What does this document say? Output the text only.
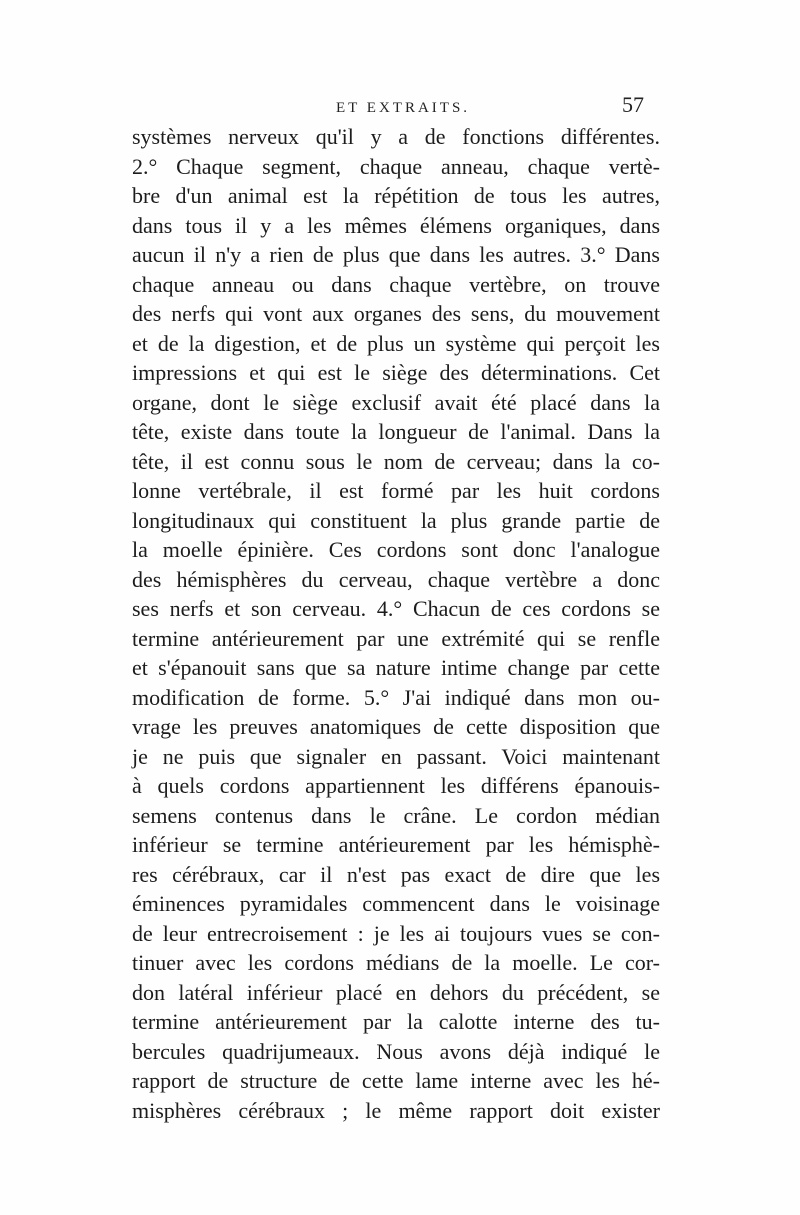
ET EXTRAITS.	57
systèmes nerveux qu'il y a de fonctions différentes.
2.° Chaque segment, chaque anneau, chaque vertè-
bre d'un animal est la répétition de tous les autres,
dans tous il y a les mêmes élémens organiques, dans
aucun il n'y a rien de plus que dans les autres. 3.° Dans
chaque anneau ou dans chaque vertèbre, on trouve
des nerfs qui vont aux organes des sens, du mouvement
et de la digestion, et de plus un système qui perçoit les
impressions et qui est le siège des déterminations. Cet
organe, dont le siège exclusif avait été placé dans la
tête, existe dans toute la longueur de l'animal. Dans la
tête, il est connu sous le nom de cerveau; dans la co-
lonne vertébrale, il est formé par les huit cordons
longitudinaux qui constituent la plus grande partie de
la moelle épinière. Ces cordons sont donc l'analogue
des hémisphères du cerveau, chaque vertèbre a donc
ses nerfs et son cerveau. 4.° Chacun de ces cordons se
termine antérieurement par une extrémité qui se renfle
et s'épanouit sans que sa nature intime change par cette
modification de forme. 5.° J'ai indiqué dans mon ou-
vrage les preuves anatomiques de cette disposition que
je ne puis que signaler en passant. Voici maintenant
à quels cordons appartiennent les différens épanouis-
semens contenus dans le crâne. Le cordon médian
inférieur se termine antérieurement par les hémisphè-
res cérébraux, car il n'est pas exact de dire que les
éminences pyramidales commencent dans le voisinage
de leur entrecroisement : je les ai toujours vues se con-
tinuer avec les cordons médians de la moelle. Le cor-
don latéral inférieur placé en dehors du précédent, se
termine antérieurement par la calotte interne des tu-
bercules quadrijumeaux. Nous avons déjà indiqué le
rapport de structure de cette lame interne avec les hé-
misphères cérébraux ; le même rapport doit exister
